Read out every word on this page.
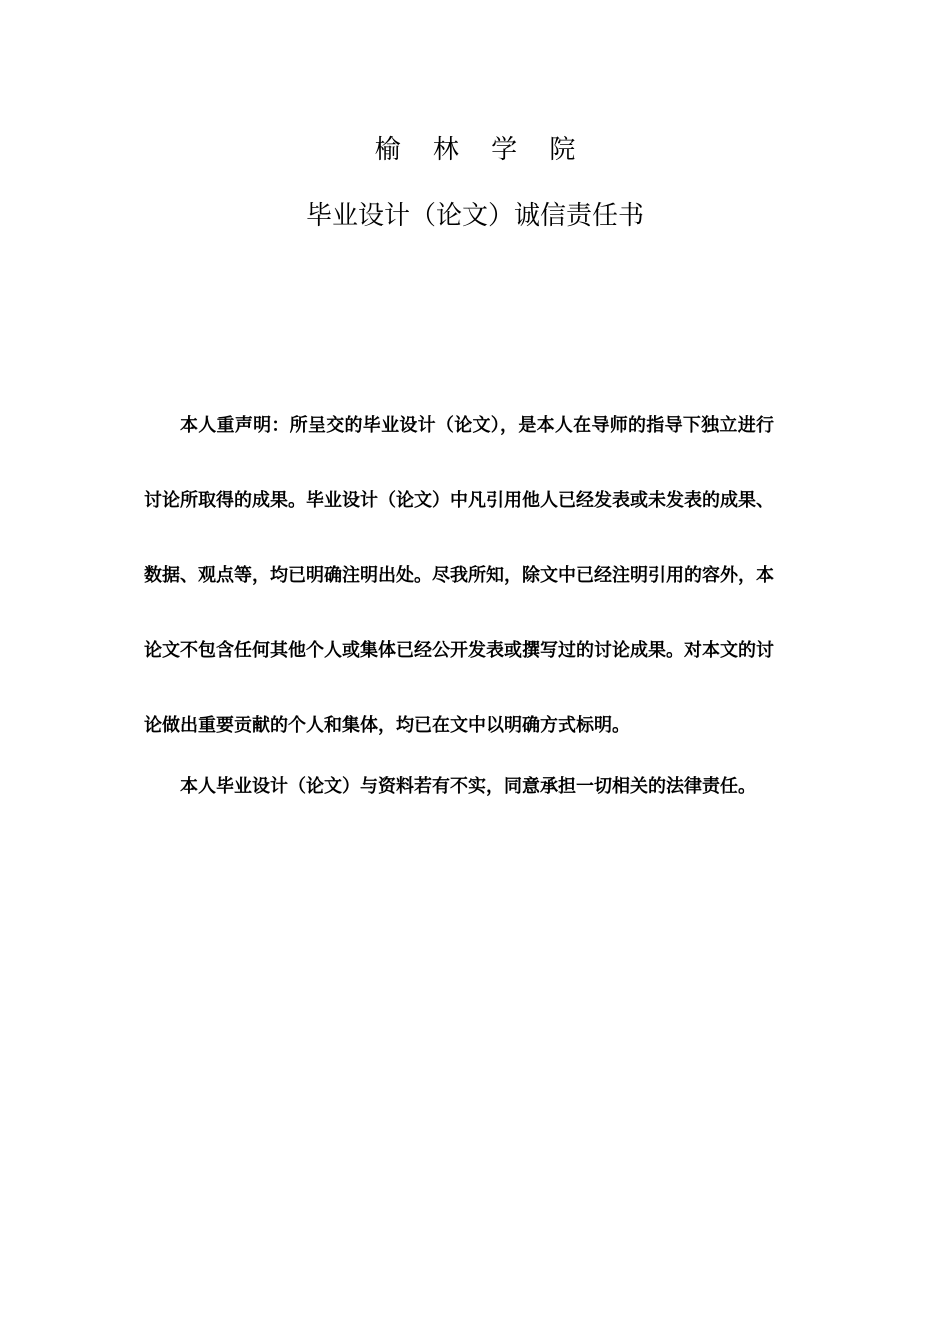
榆 林 学 院
毕业设计（论文）诚信责任书

本人重声明：所呈交的毕业设计（论文），是本人在导师的指导下独立进行讨论所取得的成果。毕业设计（论文）中凡引用他人已经发表或未发表的成果、数据、观点等，均已明确注明出处。尽我所知，除文中已经注明引用的容外，本论文不包含任何其他个人或集体已经公开发表或撰写过的讨论成果。对本文的讨论做出重要贡献的个人和集体，均已在文中以明确方式标明。

本人毕业设计（论文）与资料若有不实，同意承担一切相关的法律责任。
